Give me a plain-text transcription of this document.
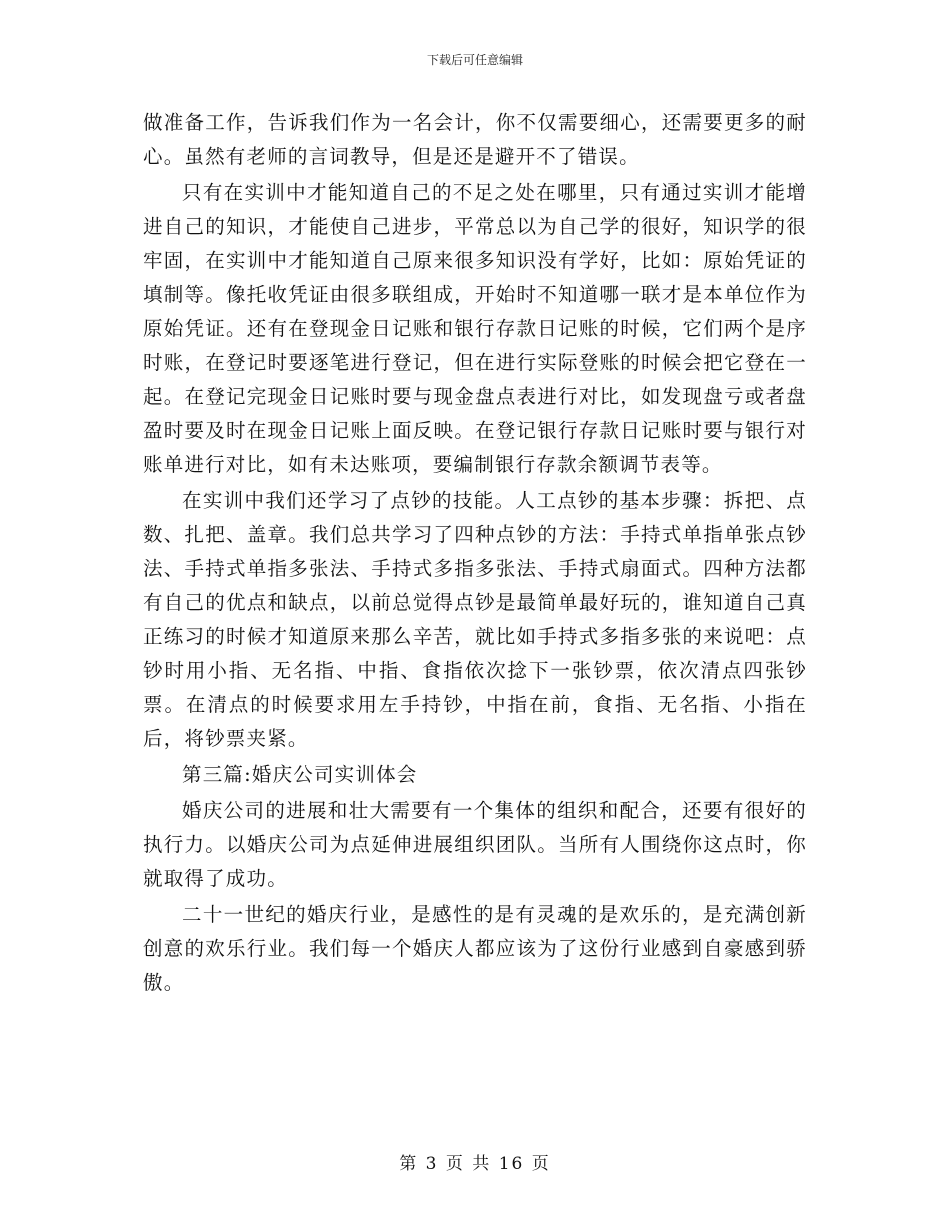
下载后可任意编辑

做准备工作，告诉我们作为一名会计，你不仅需要细心，还需要更多的耐心。虽然有老师的言词教导，但是还是避开不了错误。

只有在实训中才能知道自己的不足之处在哪里，只有通过实训才能增进自己的知识，才能使自己进步，平常总以为自己学的很好，知识学的很牢固，在实训中才能知道自己原来很多知识没有学好，比如：原始凭证的填制等。像托收凭证由很多联组成，开始时不知道哪一联才是本单位作为原始凭证。还有在登现金日记账和银行存款日记账的时候，它们两个是序时账，在登记时要逐笔进行登记，但在进行实际登账的时候会把它登在一起。在登记完现金日记账时要与现金盘点表进行对比，如发现盘亏或者盘盈时要及时在现金日记账上面反映。在登记银行存款日记账时要与银行对账单进行对比，如有未达账项，要编制银行存款余额调节表等。

在实训中我们还学习了点钞的技能。人工点钞的基本步骤：拆把、点数、扎把、盖章。我们总共学习了四种点钞的方法：手持式单指单张点钞法、手持式单指多张法、手持式多指多张法、手持式扇面式。四种方法都有自己的优点和缺点，以前总觉得点钞是最简单最好玩的，谁知道自己真正练习的时候才知道原来那么辛苦，就比如手持式多指多张的来说吧：点钞时用小指、无名指、中指、食指依次捻下一张钞票，依次清点四张钞票。在清点的时候要求用左手持钞，中指在前，食指、无名指、小指在后，将钞票夹紧。

第三篇:婚庆公司实训体会

婚庆公司的进展和壮大需要有一个集体的组织和配合，还要有很好的执行力。以婚庆公司为点延伸进展组织团队。当所有人围绕你这点时，你就取得了成功。

二十一世纪的婚庆行业，是感性的是有灵魂的是欢乐的，是充满创新创意的欢乐行业。我们每一个婚庆人都应该为了这份行业感到自豪感到骄傲。

第 3 页 共 16 页
